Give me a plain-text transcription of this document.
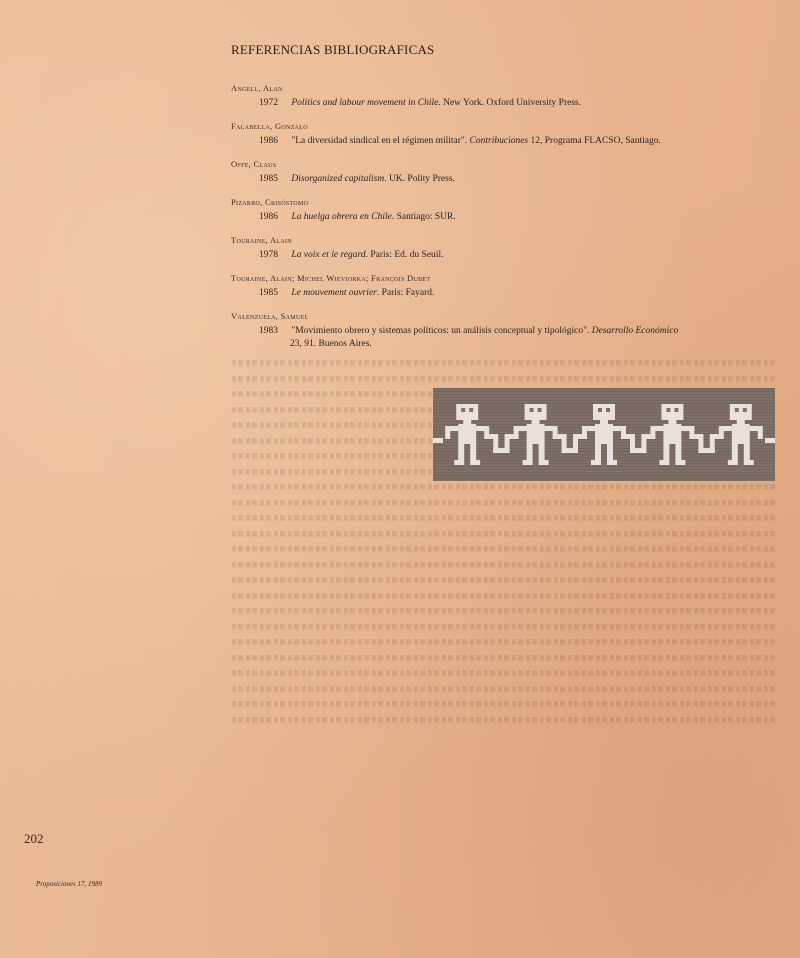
REFERENCIAS BIBLIOGRAFICAS
Angell, Alan
1972 Politics and labour movement in Chile. New York. Oxford University Press.
Falabella, Gonzalo
1986 "La diversidad sindical en el régimen militar". Contribuciones 12, Programa FLACSO, Santiago.
Offe, Claus
1985 Disorganized capitalism. UK. Polity Press.
Pizarro, Crisóstomo
1986 La huelga obrera en Chile. Santiago: SUR.
Touraine, Alain
1978 La voix et le regard. Paris: Ed. du Seuil.
Touraine, Alain; Michel Wieviorka; François Dubet
1985 Le mouvement ouvrier. Paris: Fayard.
Valenzuela, Samuel
1983 "Movimiento obrero y sistemas políticos: un análisis conceptual y tipológico". Desarrollo Económico
23, 91. Buenos Aires.

202

Proposiciones 17, 1989
